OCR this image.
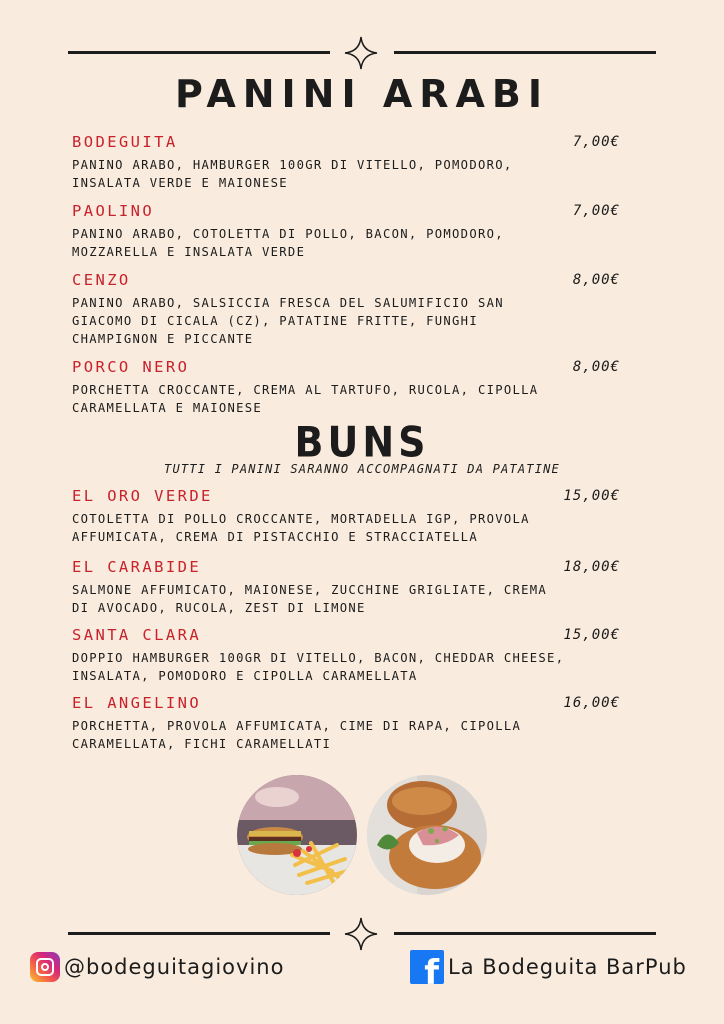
PANINI ARABI
BODEGUITA	7,00€
PANINO ARABO, HAMBURGER 100GR DI VITELLO, POMODORO, INSALATA VERDE E MAIONESE
PAOLINO	7,00€
PANINO ARABO, COTOLETTA DI POLLO, BACON, POMODORO, MOZZARELLA E INSALATA VERDE
CENZO	8,00€
PANINO ARABO, SALSICCIA FRESCA DEL SALUMIFICIO SAN GIACOMO DI CICALA (CZ), PATATINE FRITTE, FUNGHI CHAMPIGNON E PICCANTE
PORCO NERO	8,00€
PORCHETTA CROCCANTE, CREMA AL TARTUFO, RUCOLA, CIPOLLA CARAMELLATA E MAIONESE
BUNS
TUTTI I PANINI SARANNO ACCOMPAGNATI DA PATATINE
EL ORO VERDE	15,00€
COTOLETTA DI POLLO CROCCANTE, MORTADELLA IGP, PROVOLA AFFUMICATA, CREMA DI PISTACCHIO E STRACCIATELLA
EL CARABIDE	18,00€
SALMONE AFFUMICATO, MAIONESE, ZUCCHINE GRIGLIATE, CREMA DI AVOCADO, RUCOLA, ZEST DI LIMONE
SANTA CLARA	15,00€
DOPPIO HAMBURGER 100GR DI VITELLO, BACON, CHEDDAR CHEESE, INSALATA, POMODORO E CIPOLLA CARAMELLATA
EL ANGELINO	16,00€
PORCHETTA, PROVOLA AFFUMICATA, CIME DI RAPA, CIPOLLA CARAMELLATA, FICHI CARAMELLATI
@bodeguitagiovino	f La Bodeguita BarPub
